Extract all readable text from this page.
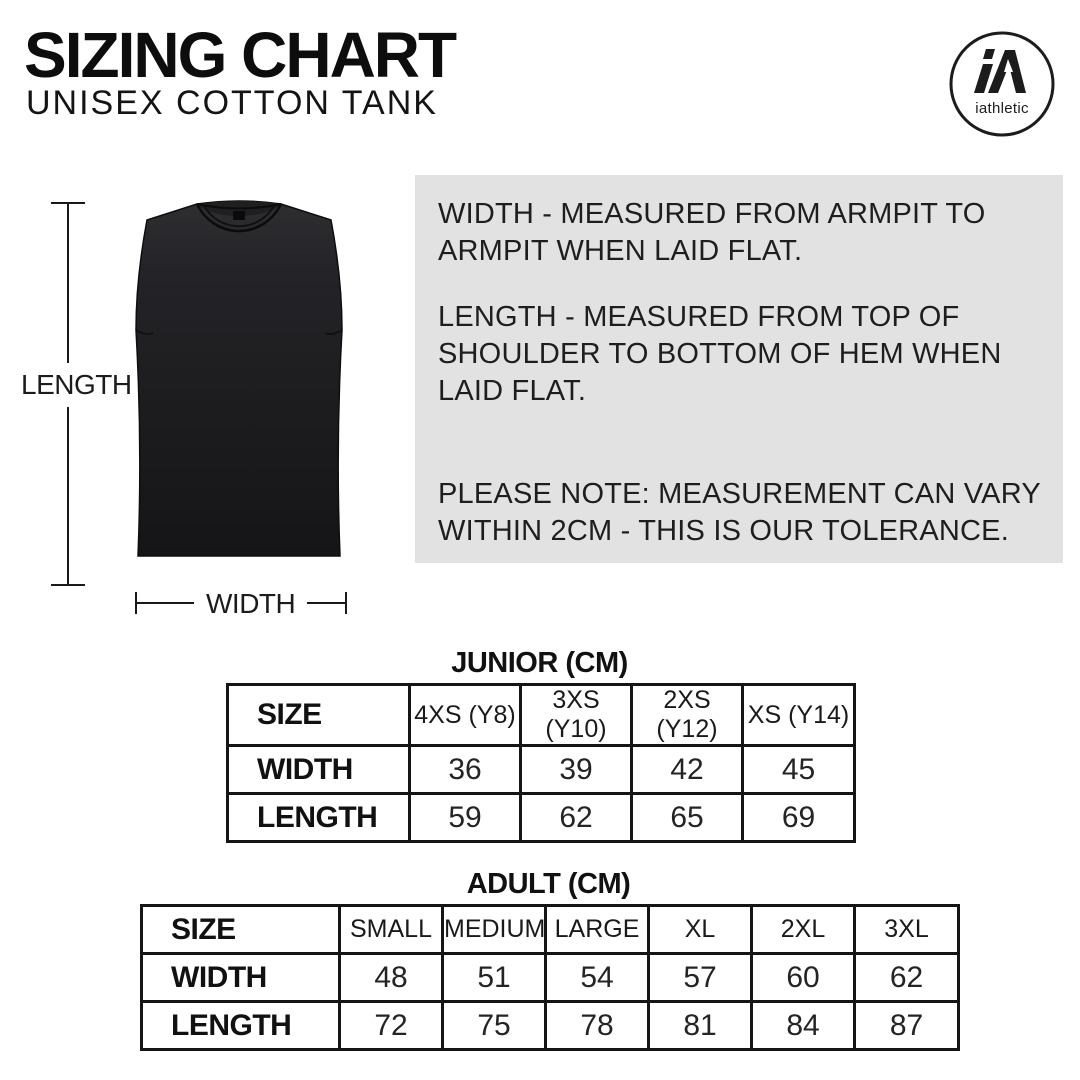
SIZING CHART
UNISEX COTTON TANK	iathletic
LENGTH
WIDTH
WIDTH - MEASURED FROM ARMPIT TO
ARMPIT WHEN LAID FLAT.
LENGTH - MEASURED FROM TOP OF
SHOULDER TO BOTTOM OF HEM WHEN
LAID FLAT.
PLEASE NOTE: MEASUREMENT CAN VARY
WITHIN 2CM - THIS IS OUR TOLERANCE.
JUNIOR (CM)
SIZE	4XS (Y8)	3XS (Y10)	2XS (Y12)	XS (Y14)
WIDTH	36	39	42	45
LENGTH	59	62	65	69
ADULT (CM)
SIZE	SMALL	MEDIUM	LARGE	XL	2XL	3XL
WIDTH	48	51	54	57	60	62
LENGTH	72	75	78	81	84	87
